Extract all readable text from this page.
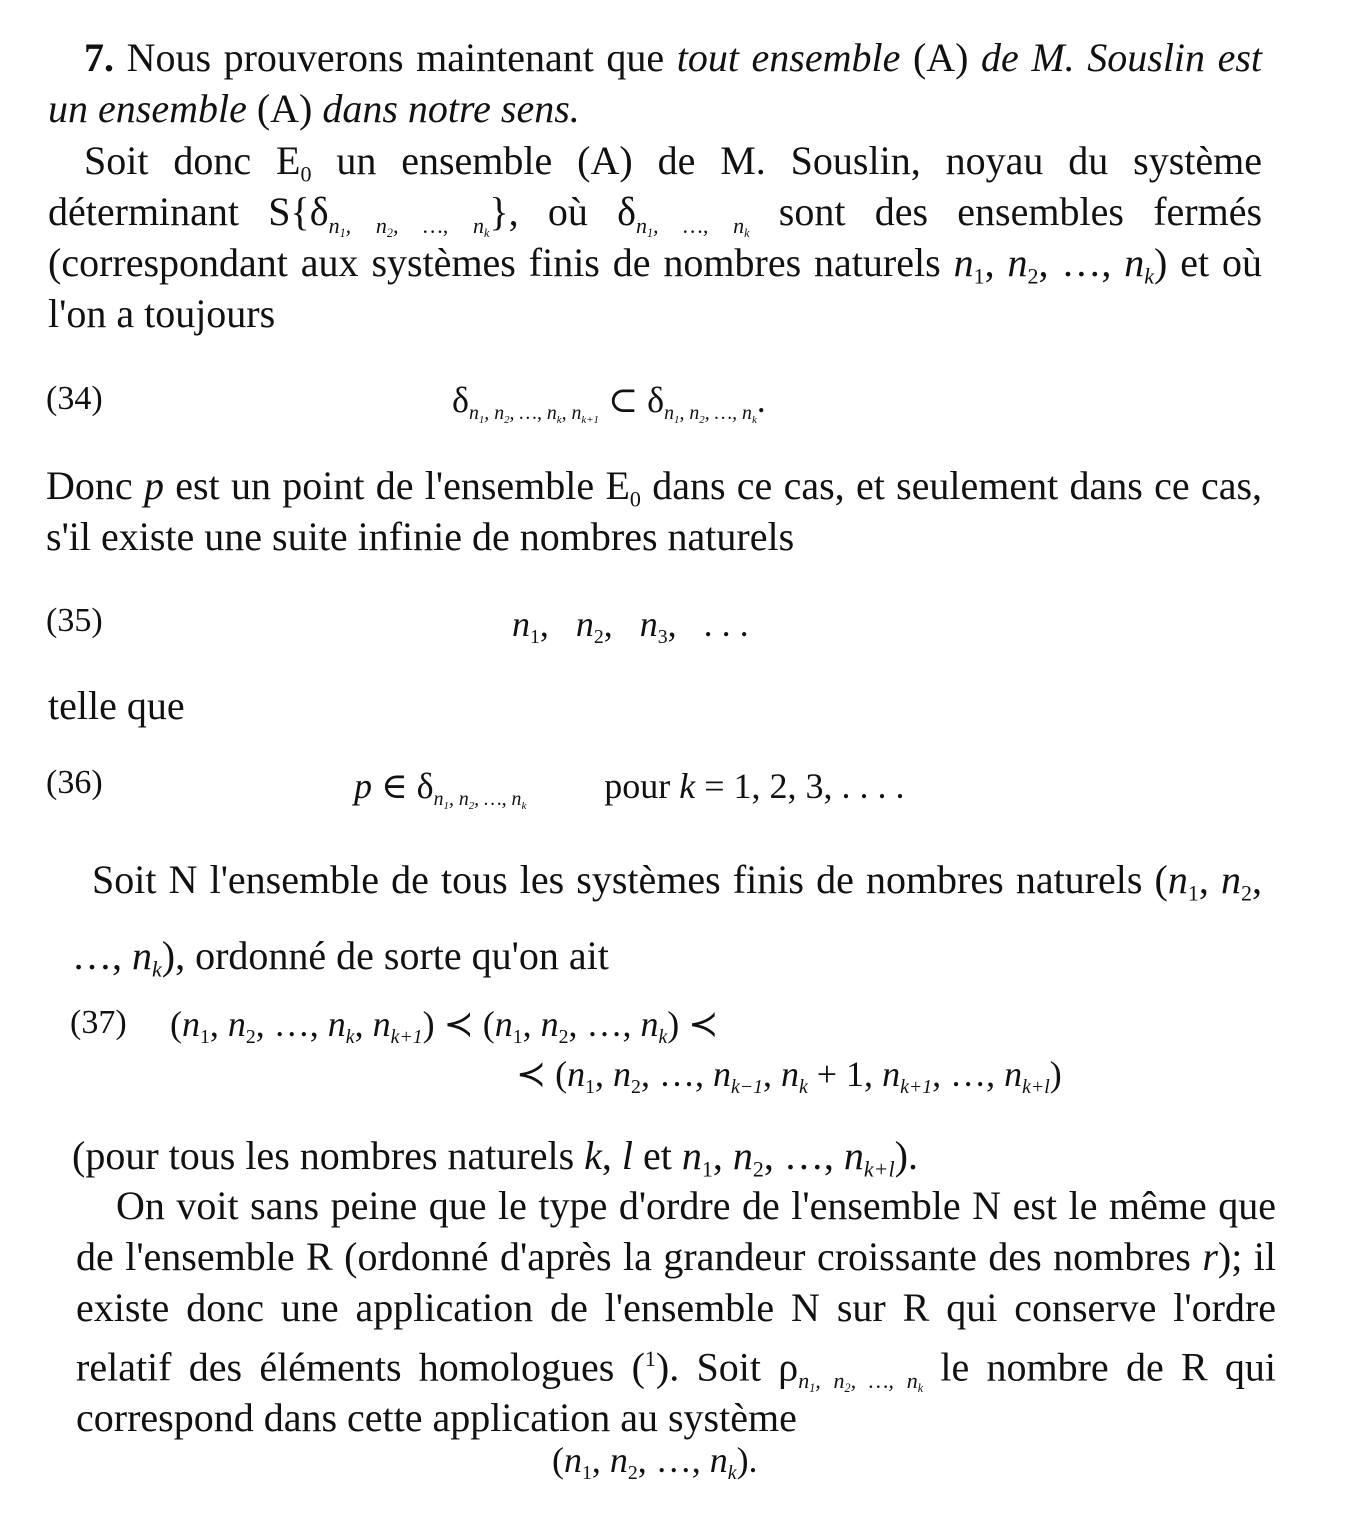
7. Nous prouverons maintenant que tout ensemble (A) de M. Souslin est un ensemble (A) dans notre sens.

Soit donc $E_0$ un ensemble (A) de M. Souslin, noyau du système déterminant $S\{\delta_{n_1, n_2, \dots, n_k}\}$, où $\delta_{n_1, \dots, n_k}$ sont des ensembles fermés (correspondant aux systèmes finis de nombres naturels $n_1$, $n_2$, …, $n_k$) et où l'on a toujours

(34)	$\delta_{n_1, n_2, \dots, n_k, n_{k+1}}$ ⊂ $\delta_{n_1, n_2, \dots, n_k}$.

Donc p est un point de l'ensemble $E_0$ dans ce cas, et seulement dans ce cas, s'il existe une suite infinie de nombres naturels

(35)	$n_1$,   $n_2$,   $n_3$,   . . .

telle que

(36)	p ∈ $\delta_{n_1, n_2, \dots, n_k}$ pour k = 1, 2, 3, . . . .

Soit N l'ensemble de tous les systèmes finis de nombres naturels ($n_1$, $n_2$, …, $n_k$), ordonné de sorte qu'on ait

(37) ($n_1$, $n_2$, …, $n_k$, $n_{k+1}$) ≺ ($n_1$, $n_2$, …, $n_k$) ≺
≺ ($n_1$, $n_2$, …, $n_{k-1}$, $n_k + 1$, $n_{k+1}$, …, $n_{k+l}$)

(pour tous les nombres naturels k, l et $n_1$, $n_2$, …, $n_{k+l}$).

On voit sans peine que le type d'ordre de l'ensemble N est le même que de l'ensemble R (ordonné d'après la grandeur croissante des nombres r); il existe donc une application de l'ensemble N sur R qui conserve l'ordre relatif des éléments homologues ($^1$). Soit $\rho_{n_1, n_2, \dots, n_k}$ le nombre de R qui correspond dans cette application au système

($n_1$, $n_2$, …, $n_k$).
